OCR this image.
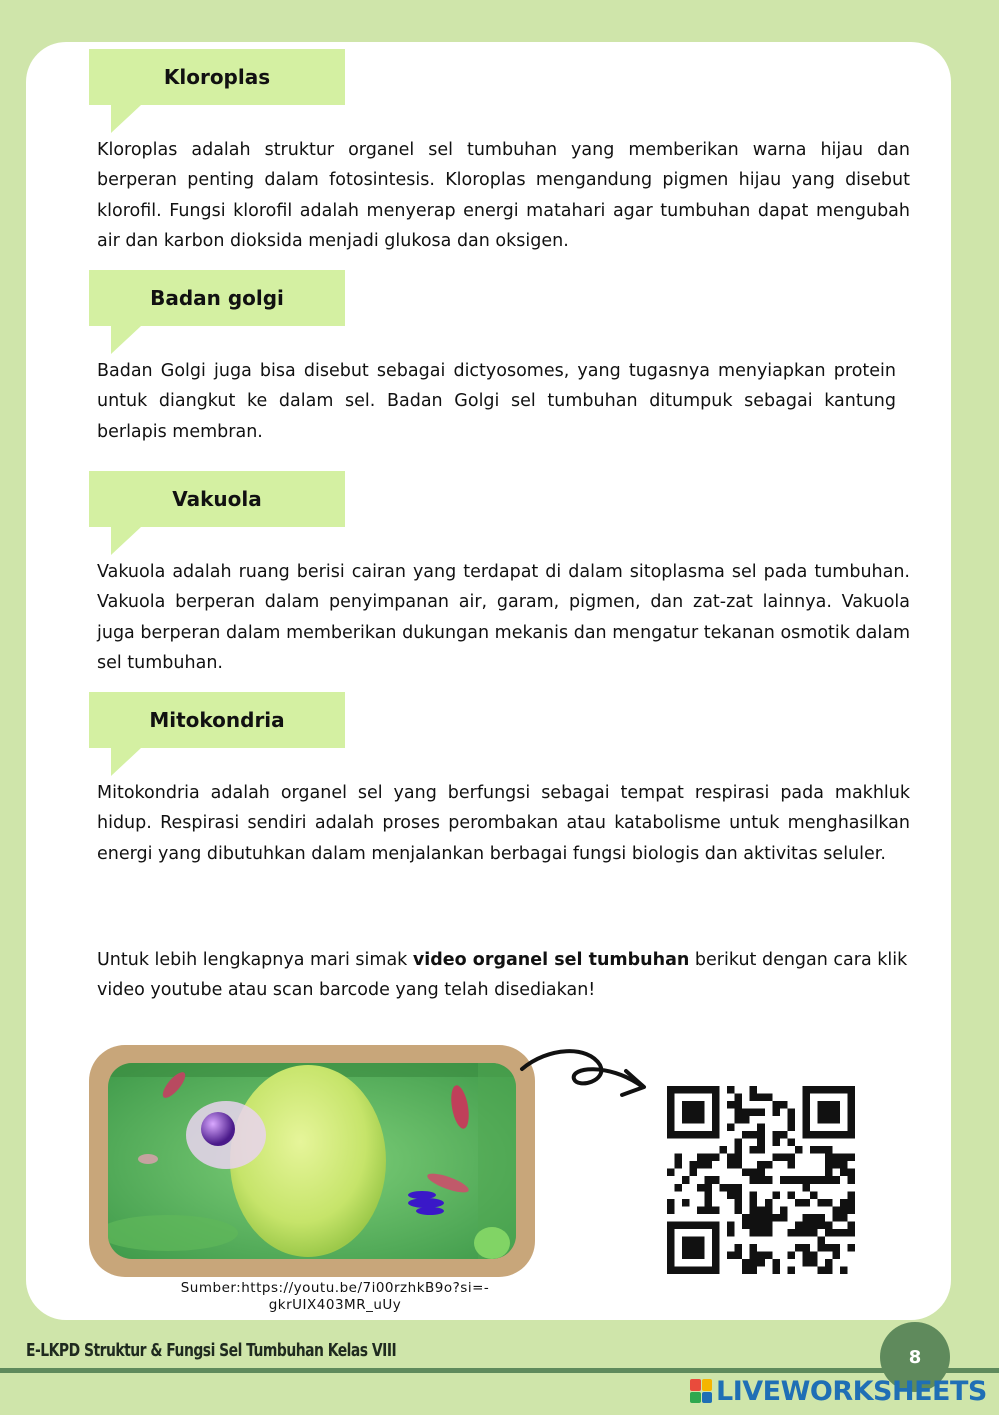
Kloroplas

Kloroplas adalah struktur organel sel tumbuhan yang memberikan warna hijau dan berperan penting dalam fotosintesis. Kloroplas mengandung pigmen hijau yang disebut klorofil. Fungsi klorofil adalah menyerap energi matahari agar tumbuhan dapat mengubah air dan karbon dioksida menjadi glukosa dan oksigen.

Badan golgi

Badan Golgi juga bisa disebut sebagai dictyosomes, yang tugasnya menyiapkan protein untuk diangkut ke dalam sel. Badan Golgi sel tumbuhan ditumpuk sebagai kantung berlapis membran.

Vakuola

Vakuola adalah ruang berisi cairan yang terdapat di dalam sitoplasma sel pada tumbuhan. Vakuola berperan dalam penyimpanan air, garam, pigmen, dan zat-zat lainnya. Vakuola juga berperan dalam memberikan dukungan mekanis dan mengatur tekanan osmotik dalam sel tumbuhan.

Mitokondria

Mitokondria adalah organel sel yang berfungsi sebagai tempat respirasi pada makhluk hidup. Respirasi sendiri adalah proses perombakan atau katabolisme untuk menghasilkan energi yang dibutuhkan dalam menjalankan berbagai fungsi biologis dan aktivitas seluler.

Untuk lebih lengkapnya mari simak video organel sel tumbuhan berikut dengan cara klik video youtube atau scan barcode yang telah disediakan!

Sumber:https://youtu.be/7i00rzhkB9o?si=-
gkrUIX403MR_uUy
E-LKPD Struktur & Fungsi Sel Tumbuhan Kelas VIII	8
LIVEWORKSHEETS
